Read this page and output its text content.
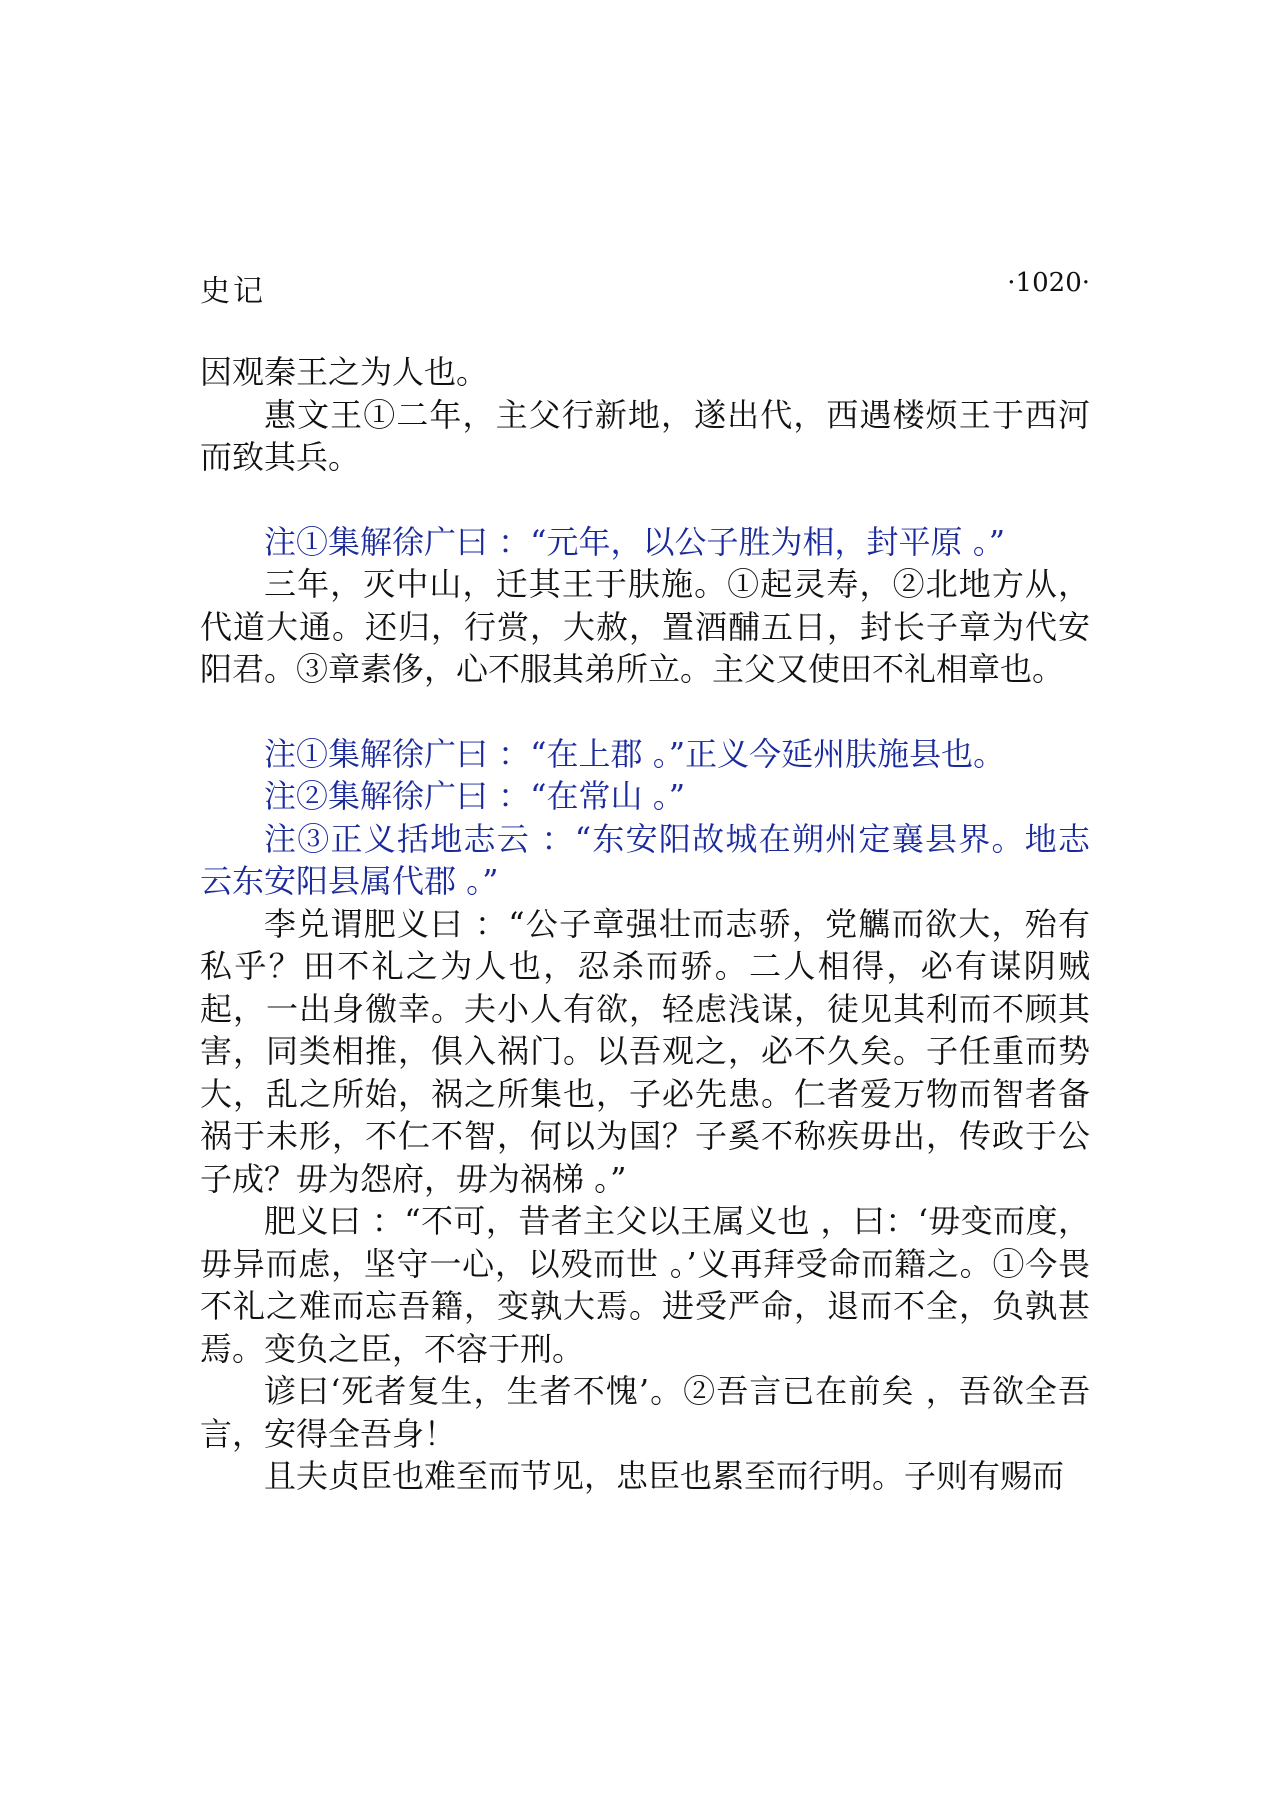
史记	·1020·

因观秦王之为人也。

惠文王①二年，主父行新地，遂出代，西遇楼烦王于西河而致其兵。

注①集解徐广曰 ：“元年，以公子胜为相，封平原 。”

三年，灭中山，迁其王于肤施。①起灵寿，②北地方从，代道大通。还归，行赏，大赦，置酒酺五日，封长子章为代安阳君。③章素侈，心不服其弟所立。主父又使田不礼相章也。

注①集解徐广曰 ：“在上郡 。”正义今延州肤施县也。

注②集解徐广曰 ：“在常山 。”

注③正义括地志云 ：“东安阳故城在朔州定襄县界。地志云东安阳县属代郡 。”

李兑谓肥义曰 ：“公子章强壮而志骄，党觽而欲大，殆有私乎？田不礼之为人也，忍杀而骄。二人相得，必有谋阴贼起，一出身徼幸。夫小人有欲，轻虑浅谋，徒见其利而不顾其害，同类相推，俱入祸门。以吾观之，必不久矣。子任重而势大，乱之所始，祸之所集也，子必先患。仁者爱万物而智者备祸于未形，不仁不智，何以为国？子奚不称疾毋出，传政于公子成？毋为怨府，毋为祸梯 。”

肥义曰 ：“不可，昔者主父以王属义也 ，曰：‘毋变而度，毋异而虑，坚守一心，以殁而世 。’义再拜受命而籍之。①今畏不礼之难而忘吾籍，变孰大焉。进受严命，退而不全，负孰甚焉。变负之臣，不容于刑。

谚曰‘死者复生，生者不愧’。②吾言已在前矣 ，吾欲全吾言，安得全吾身！

且夫贞臣也难至而节见，忠臣也累至而行明。子则有赐而
